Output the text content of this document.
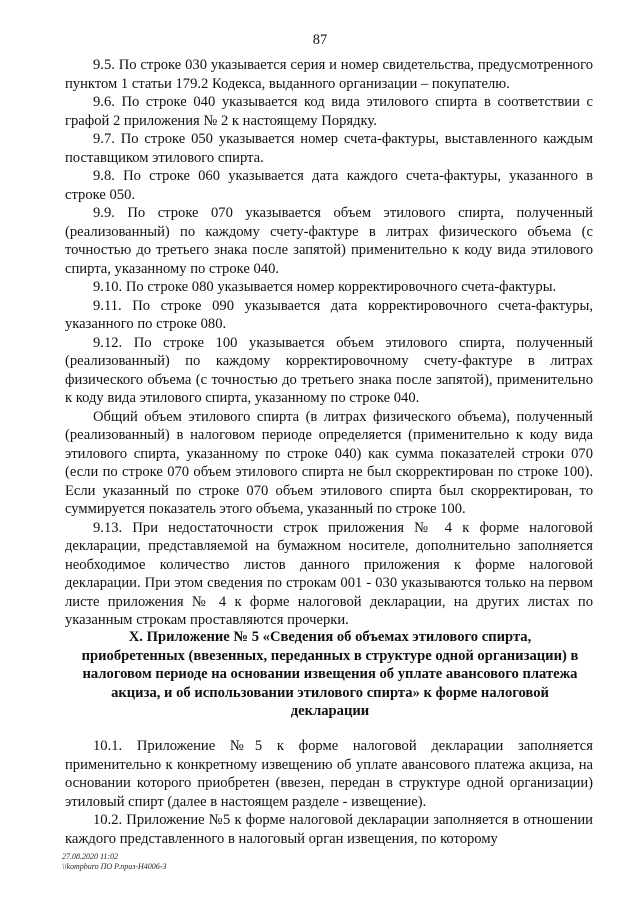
87

9.5. По строке 030 указывается серия и номер свидетельства, предусмотренного пунктом 1 статьи 179.2 Кодекса, выданного организации – покупателю.

9.6. По строке 040 указывается код вида этилового спирта в соответствии с графой 2 приложения № 2 к настоящему Порядку.

9.7. По строке 050 указывается номер счета-фактуры, выставленного каждым поставщиком этилового спирта.

9.8. По строке 060 указывается дата каждого счета-фактуры, указанного в строке 050.

9.9. По строке 070 указывается объем этилового спирта, полученный (реализованный) по каждому счету-фактуре в литрах физического объема (с точностью до третьего знака после запятой) применительно к коду вида этилового спирта, указанному по строке 040.

9.10. По строке 080 указывается номер корректировочного счета-фактуры.

9.11. По строке 090 указывается дата корректировочного счета-фактуры, указанного по строке 080.

9.12. По строке 100 указывается объем этилового спирта, полученный (реализованный) по каждому корректировочному счету-фактуре в литрах физического объема (с точностью до третьего знака после запятой), применительно к коду вида этилового спирта, указанному по строке 040.

Общий объем этилового спирта (в литрах физического объема), полученный (реализованный) в налоговом периоде определяется (применительно к коду вида этилового спирта, указанному по строке 040) как сумма показателей строки 070 (если по строке 070 объем этилового спирта не был скорректирован по строке 100). Если указанный по строке 070 объем этилового спирта был скорректирован, то суммируется показатель этого объема, указанный по строке 100.

9.13. При недостаточности строк приложения № 4 к форме налоговой декларации, представляемой на бумажном носителе, дополнительно заполняется необходимое количество листов данного приложения к форме налоговой декларации. При этом сведения по строкам 001 - 030 указываются только на первом листе приложения № 4 к форме налоговой декларации, на других листах по указанным строкам проставляются прочерки.

X. Приложение № 5 «Сведения об объемах этилового спирта, приобретенных (ввезенных, переданных в структуре одной организации) в налоговом периоде на основании извещения об уплате авансового платежа акциза, и об использовании этилового спирта» к форме налоговой декларации

10.1. Приложение №5 к форме налоговой декларации заполняется применительно к конкретному извещению об уплате авансового платежа акциза, на основании которого приобретен (ввезен, передан в структуре одной организации) этиловый спирт (далее в настоящем разделе - извещение).

10.2. Приложение №5 к форме налоговой декларации заполняется в отношении каждого представленного в налоговый орган извещения, по которому

27.08.2020 11:02
\\kompburo ПО Р.приз-Н4006-3
